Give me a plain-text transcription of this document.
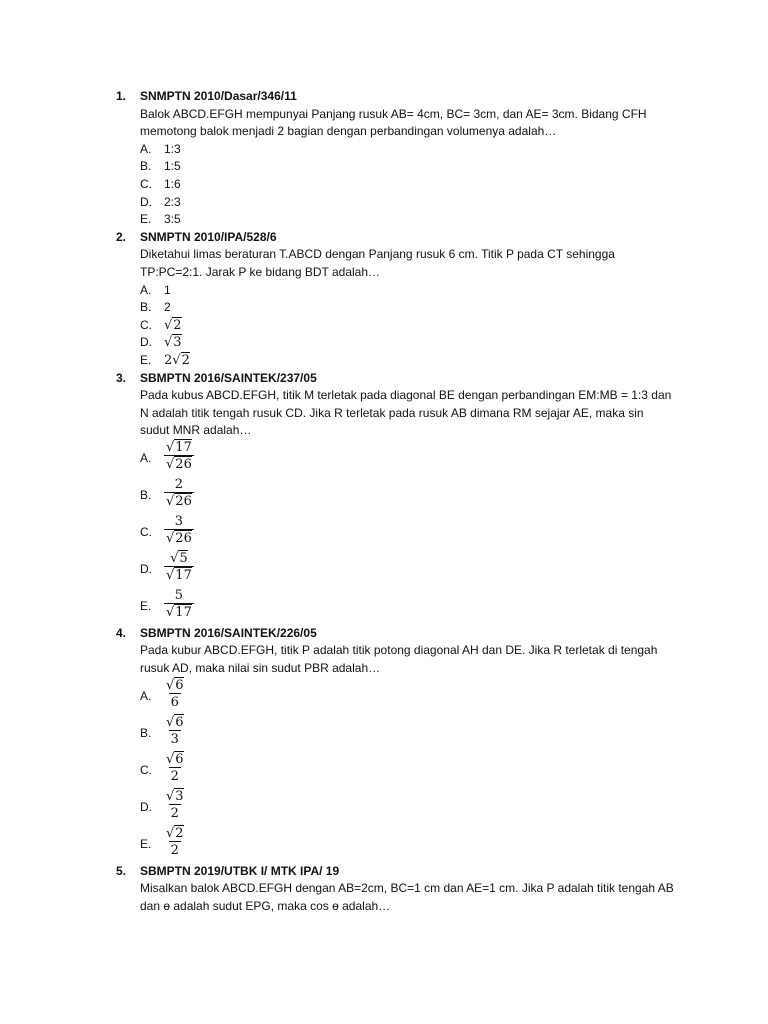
1. SNMPTN 2010/Dasar/346/11
Balok ABCD.EFGH mempunyai Panjang rusuk AB= 4cm, BC= 3cm, dan AE= 3cm. Bidang CFH memotong balok menjadi 2 bagian dengan perbandingan volumenya adalah…
A. 1:3
B. 1:5
C. 1:6
D. 2:3
E. 3:5
2. SNMPTN 2010/IPA/528/6
Diketahui limas beraturan T.ABCD dengan Panjang rusuk 6 cm. Titik P pada CT sehingga TP:PC=2:1. Jarak P ke bidang BDT adalah…
A. 1
B. 2
C. √2
D. √3
E. 2√2
3. SBMPTN 2016/SAINTEK/237/05
Pada kubus ABCD.EFGH, titik M terletak pada diagonal BE dengan perbandingan EM:MB = 1:3 dan N adalah titik tengah rusuk CD. Jika R terletak pada rusuk AB dimana RM sejajar AE, maka sin sudut MNR adalah…
A. $\frac{√17}{√26}$
B. $\frac{2}{√26}$
C. $\frac{3}{√26}$
D. $\frac{√5}{√17}$
E. $\frac{5}{√17}$
4. SBMPTN 2016/SAINTEK/226/05
Pada kubur ABCD.EFGH, titik P adalah titik potong diagonal AH dan DE. Jika R terletak di tengah rusuk AD, maka nilai sin sudut PBR adalah…
A. $\frac{√6}{6}$
B. $\frac{√6}{3}$
C. $\frac{√6}{2}$
D. $\frac{√3}{2}$
E. $\frac{√2}{2}$
5. SBMPTN 2019/UTBK I/ MTK IPA/ 19
Misalkan balok ABCD.EFGH dengan AB=2cm, BC=1 cm dan AE=1 cm. Jika P adalah titik tengah AB dan ɵ adalah sudut EPG, maka cos ɵ adalah…
